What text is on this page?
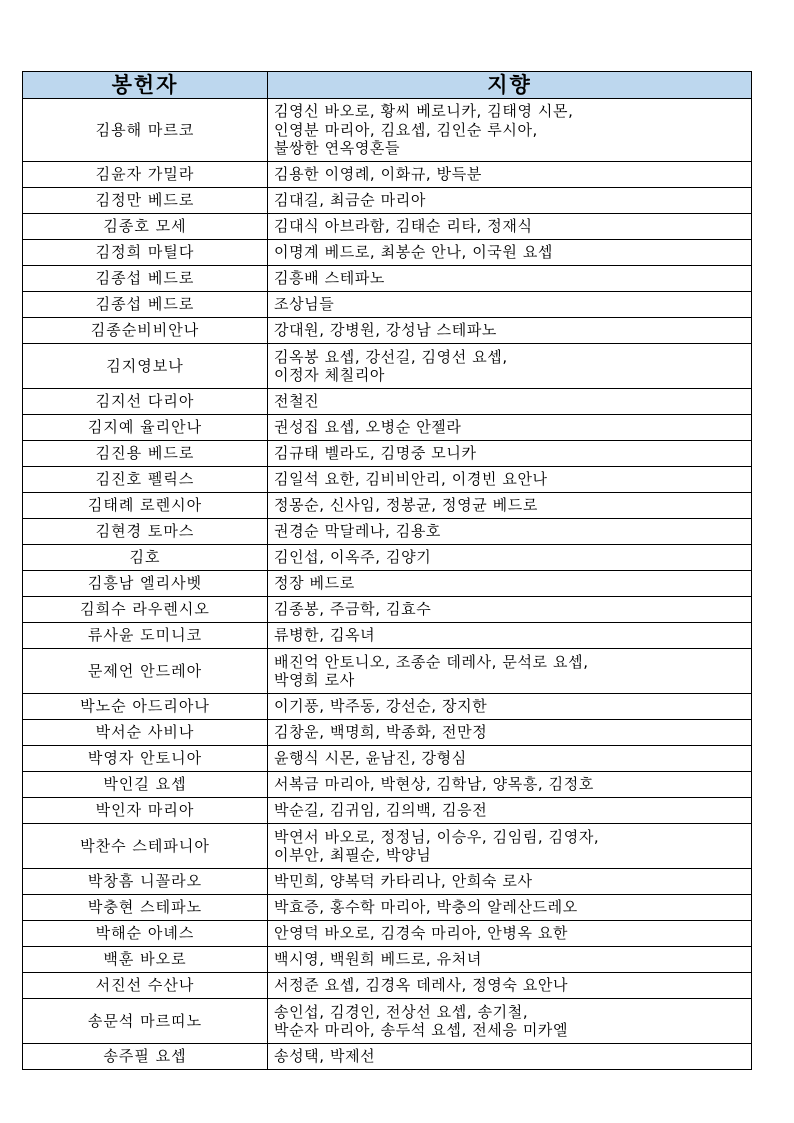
봉헌자	지향
김용해 마르코	김영신 바오로, 황씨 베로니카, 김태영 시몬,
인영분 마리아, 김요셉, 김인순 루시아,
불쌍한 연옥영혼들
김윤자 가밀라	김용한 이영례, 이화규, 방득분
김정만 베드로	김대길, 최금순 마리아
김종호 모세	김대식 아브라함, 김태순 리타, 정재식
김정희 마틸다	이명계 베드로, 최봉순 안나, 이국원 요셉
김종섭 베드로	김흥배 스테파노
김종섭 베드로	조상님들
김종순비비안나	강대원, 강병원, 강성남 스테파노
김지영보나	김옥봉 요셉, 강선길, 김영선 요셉,
이정자 체칠리아
김지선 다리아	전철진
김지예 율리안나	권성집 요셉, 오병순 안젤라
김진용 베드로	김규태 벨라도, 김명중 모니카
김진호 펠릭스	김일석 요한, 김비비안리, 이경빈 요안나
김태례 로렌시아	정몽순, 신사임, 정봉균, 정영균 베드로
김현경 토마스	권경순 막달레나, 김용호
김호	김인섭, 이옥주, 김양기
김흥남 엘리사벳	정장 베드로
김희수 라우렌시오	김종봉, 주금학, 김효수
류사윤 도미니코	류병한, 김옥녀
문제언 안드레아	배진억 안토니오, 조종순 데레사, 문석로 요셉,
박영희 로사
박노순 아드리아나	이기풍, 박주동, 강선순, 장지한
박서순 사비나	김창운, 백명희, 박종화, 전만정
박영자 안토니아	윤행식 시몬, 윤남진, 강형심
박인길 요셉	서복금 마리아, 박현상, 김학남, 양목흥, 김정호
박인자 마리아	박순길, 김귀임, 김의백, 김응전
박찬수 스테파니아	박연서 바오로, 정정님, 이승우, 김임림, 김영자,
이부안, 최필순, 박양님
박창흠 니꼴라오	박민희, 양복덕 카타리나, 안희숙 로사
박충현 스테파노	박효증, 홍수학 마리아, 박충의 알레산드레오
박해순 아녜스	안영덕 바오로, 김경숙 마리아, 안병옥 요한
백훈 바오로	백시영, 백원희 베드로, 유처녀
서진선 수산나	서정준 요셉, 김경옥 데레사, 정영숙 요안나
송문석 마르띠노	송인섭, 김경인, 전상선 요셉, 송기철,
박순자 마리아, 송두석 요셉, 전세응 미카엘
송주필 요셉	송성택, 박제선
